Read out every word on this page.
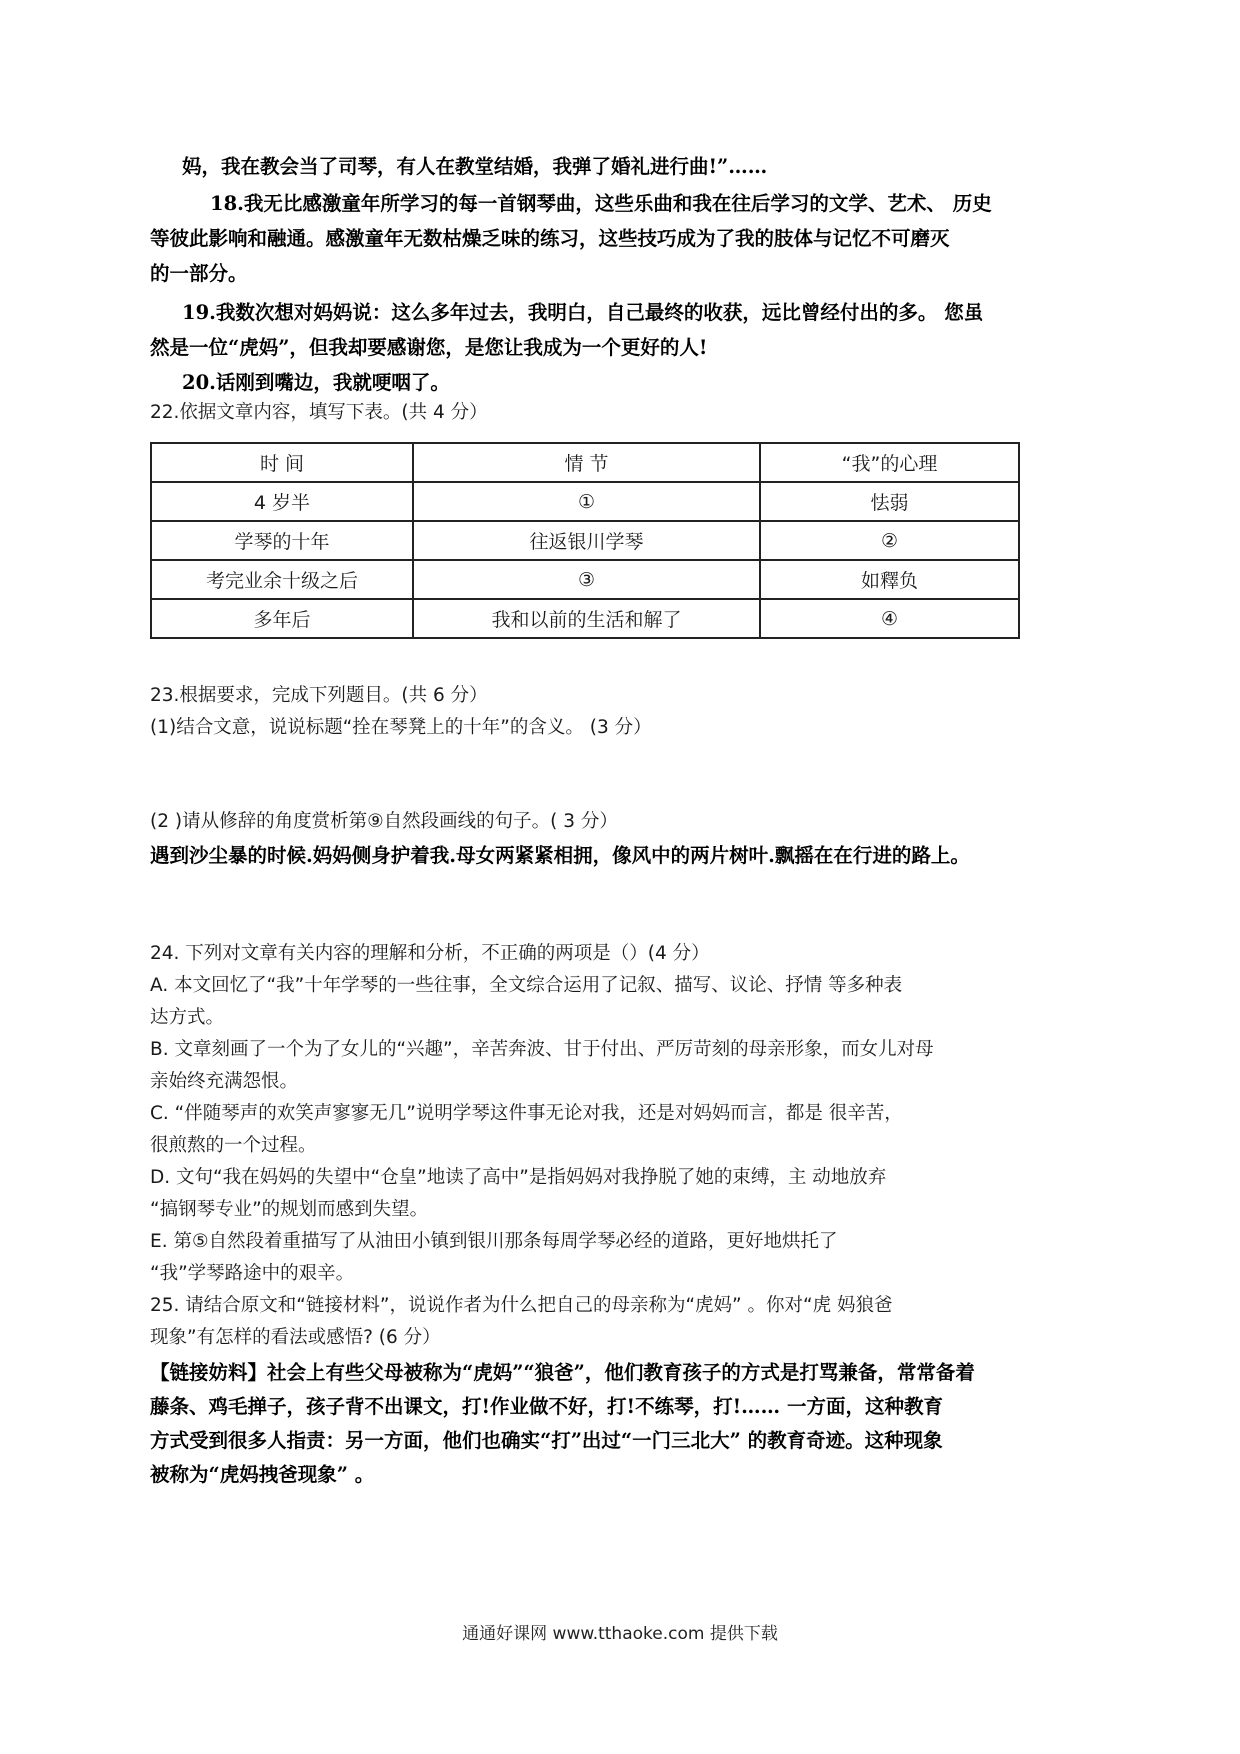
妈，我在教会当了司琴，有人在教堂结婚，我弹了婚礼进行曲!”……
18.我无比感激童年所学习的每一首钢琴曲，这些乐曲和我在往后学习的文学、艺术、 历史
等彼此影响和融通。感激童年无数枯燥乏味的练习，这些技巧成为了我的肢体与记忆不可磨灭
的一部分。
19.我数次想对妈妈说：这么多年过去，我明白，自己最终的收获，远比曾经付出的多。 您虽
然是一位“虎妈”，但我却要感谢您，是您让我成为一个更好的人!
20.话刚到嘴边，我就哽咽了。
22.依据文章内容，填写下表。(共 4 分）
时 间	情 节	“我”的心理
4 岁半	①	怯弱
学琴的十年	往返银川学琴	②
考完业余十级之后	③	如釋负
多年后	我和以前的生活和解了	④
23.根据要求，完成下列题目。(共 6 分）
(1)结合文意，说说标题“拴在琴凳上的十年”的含义。 (3 分）
(2 )请从修辞的角度赏析第⑨自然段画线的句子。( 3 分）
遇到沙尘暴的时候.妈妈侧身护着我.母女两紧紧相拥，像风中的两片树叶.飘摇在在行进的路上。
24. 下列对文章有关内容的理解和分析，不正确的两项是（）(4 分）
A. 本文回忆了“我”十年学琴的一些往事，全文综合运用了记叙、描写、议论、抒情 等多种表
达方式。
B. 文章刻画了一个为了女儿的“兴趣”，辛苦奔波、甘于付出、严厉苛刻的母亲形象，而女儿对母
亲始终充满怨恨。
C. “伴随琴声的欢笑声寥寥无几”说明学琴这件事无论对我，还是对妈妈而言，都是 很辛苦，
很煎熬的一个过程。
D. 文句“我在妈妈的失望中“仓皇”地读了高中”是指妈妈对我挣脱了她的束缚，主 动地放弃
“搞钢琴专业”的规划而感到失望。
E. 第⑤自然段着重描写了从油田小镇到银川那条每周学琴必经的道路，更好地烘托了
“我”学琴路途中的艰辛。
25. 请结合原文和“链接材料”，说说作者为什么把自己的母亲称为“虎妈” 。你对“虎 妈狼爸
现象”有怎样的看法或感悟? (6 分）
【链接妨料】社会上有些父母被称为“虎妈”“狼爸”，他们教育孩子的方式是打骂兼备，常常备着
藤条、鸡毛掸子，孩子背不出课文，打!作业做不好，打!不练琴，打!…… 一方面，这种教育
方式受到很多人指责：另一方面，他们也确实“打”出过“一门三北大” 的教育奇迹。这种现象
被称为“虎妈拽爸现象” 。
通通好课网 www.tthaoke.com 提供下载
